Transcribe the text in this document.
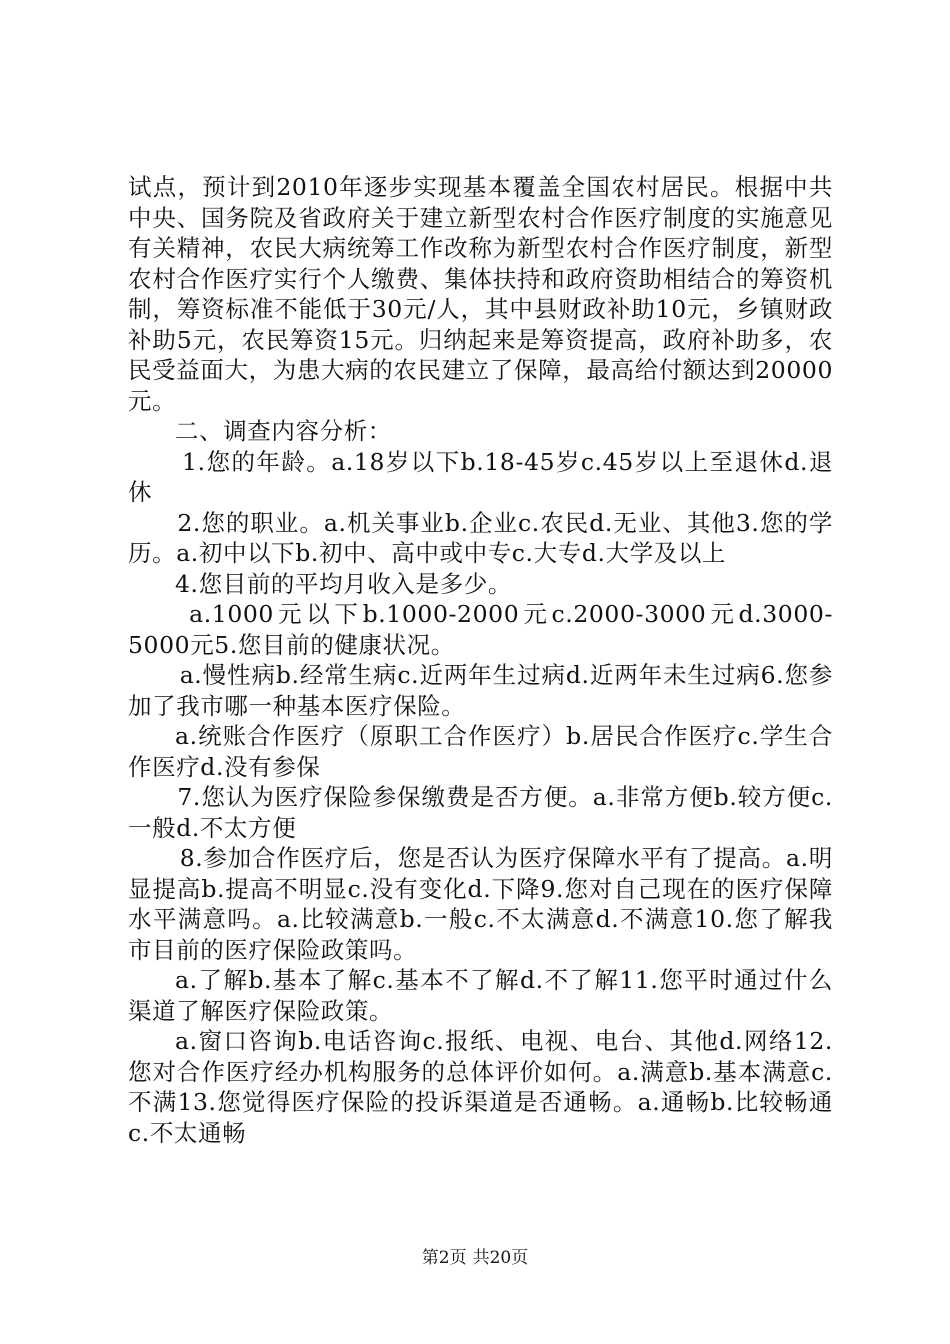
试点，预计到2010年逐步实现基本覆盖全国农村居民。根据中共中央、国务院及省政府关于建立新型农村合作医疗制度的实施意见有关精神，农民大病统筹工作改称为新型农村合作医疗制度，新型农村合作医疗实行个人缴费、集体扶持和政府资助相结合的筹资机制，筹资标准不能低于30元/人，其中县财政补助10元，乡镇财政补助5元，农民筹资15元。归纳起来是筹资提高，政府补助多，农民受益面大，为患大病的农民建立了保障，最高给付额达到20000元。

二、调查内容分析：

1.您的年龄。a.18岁以下b.18-45岁c.45岁以上至退休d.退休

2.您的职业。a.机关事业b.企业c.农民d.无业、其他3.您的学历。a.初中以下b.初中、高中或中专c.大专d.大学及以上

4.您目前的平均月收入是多少。

a.1000元以下b.1000-2000元c.2000-3000元d.3000-5000元5.您目前的健康状况。

a.慢性病b.经常生病c.近两年生过病d.近两年未生过病6.您参加了我市哪一种基本医疗保险。

a.统账合作医疗（原职工合作医疗）b.居民合作医疗c.学生合作医疗d.没有参保

7.您认为医疗保险参保缴费是否方便。a.非常方便b.较方便c.一般d.不太方便

8.参加合作医疗后，您是否认为医疗保障水平有了提高。a.明显提高b.提高不明显c.没有变化d.下降9.您对自己现在的医疗保障水平满意吗。a.比较满意b.一般c.不太满意d.不满意10.您了解我市目前的医疗保险政策吗。

a.了解b.基本了解c.基本不了解d.不了解11.您平时通过什么渠道了解医疗保险政策。

a.窗口咨询b.电话咨询c.报纸、电视、电台、其他d.网络12.您对合作医疗经办机构服务的总体评价如何。a.满意b.基本满意c.不满13.您觉得医疗保险的投诉渠道是否通畅。a.通畅b.比较畅通c.不太通畅

第2页 共20页
